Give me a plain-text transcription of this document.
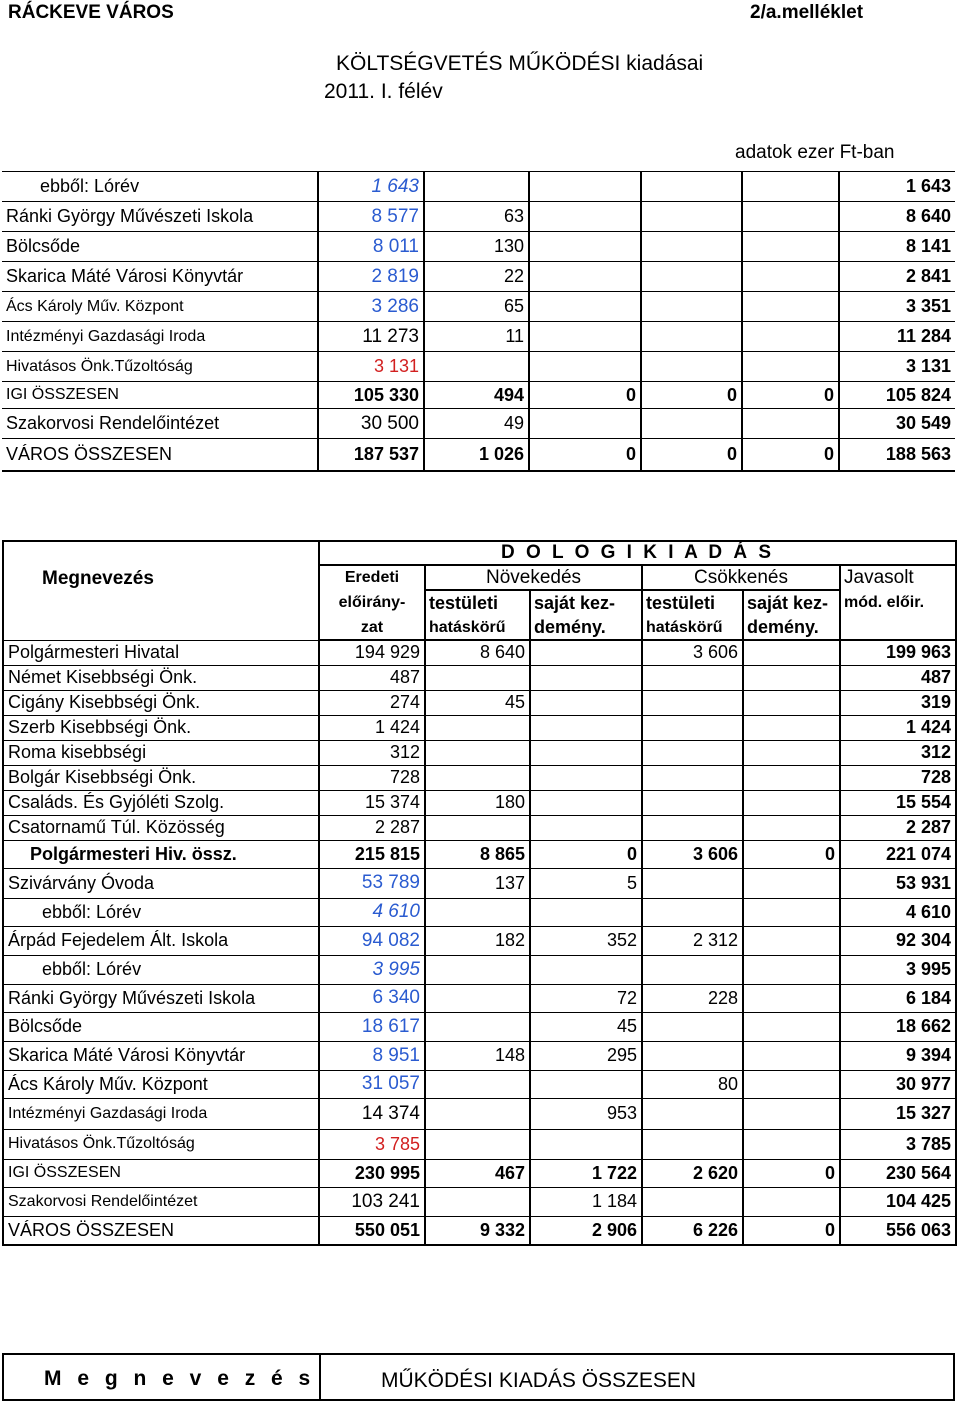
RÁCKEVE VÁROS	2/a.melléklet
KÖLTSÉGVETÉS MŰKÖDÉSI kiadásai
2011. I. félév
adatok ezer Ft-ban
ebből: Lórév	1 643					1 643
Ránki György Művészeti Iskola	8 577	63				8 640
Bölcsőde	8 011	130				8 141
Skarica Máté Városi Könyvtár	2 819	22				2 841
Ács Károly Műv. Központ	3 286	65				3 351
Intézményi Gazdasági Iroda	11 273	11				11 284
Hivatásos Önk.Tűzoltóság	3 131					3 131
IGI ÖSSZESEN	105 330	494	0	0	0	105 824
Szakorvosi Rendelőintézet	30 500	49				30 549
VÁROS ÖSSZESEN	187 537	1 026	0	0	0	188 563
Megnevezés	D O L O G I K I A D Á S					
	Eredeti	Növekedés		Csökkenés		Javasolt
	előirány-	testületi	saját kez-	testületi	saját kez-	mód. előir.
	zat	hatáskörű	demény.	hatáskörű	demény.	
Polgármesteri Hivatal	194 929	8 640		3 606		199 963
Német Kisebbségi Önk.	487					487
Cigány Kisebbségi Önk.	274	45				319
Szerb Kisebbségi Önk.	1 424					1 424
Roma kisebbségi	312					312
Bolgár Kisebbségi Önk.	728					728
Családs. És Gyjóléti Szolg.	15 374	180				15 554
Csatornamű Túl. Közösség	2 287					2 287
Polgármesteri Hiv. össz.	215 815	8 865	0	3 606	0	221 074
Szivárvány Óvoda	53 789	137	5			53 931
ebből: Lórév	4 610					4 610
Árpád Fejedelem Ált. Iskola	94 082	182	352	2 312		92 304
ebből: Lórév	3 995					3 995
Ránki György Művészeti Iskola	6 340		72	228		6 184
Bölcsőde	18 617		45			18 662
Skarica Máté Városi Könyvtár	8 951	148	295			9 394
Ács Károly Műv. Központ	31 057			80		30 977
Intézményi Gazdasági Iroda	14 374		953			15 327
Hivatásos Önk.Tűzoltóság	3 785					3 785
IGI ÖSSZESEN	230 995	467	1 722	2 620	0	230 564
Szakorvosi Rendelőintézet	103 241		1 184			104 425
VÁROS ÖSSZESEN	550 051	9 332	2 906	6 226	0	556 063
M e g n e v e z é s	MŰKÖDÉSI KIADÁS ÖSSZESEN
